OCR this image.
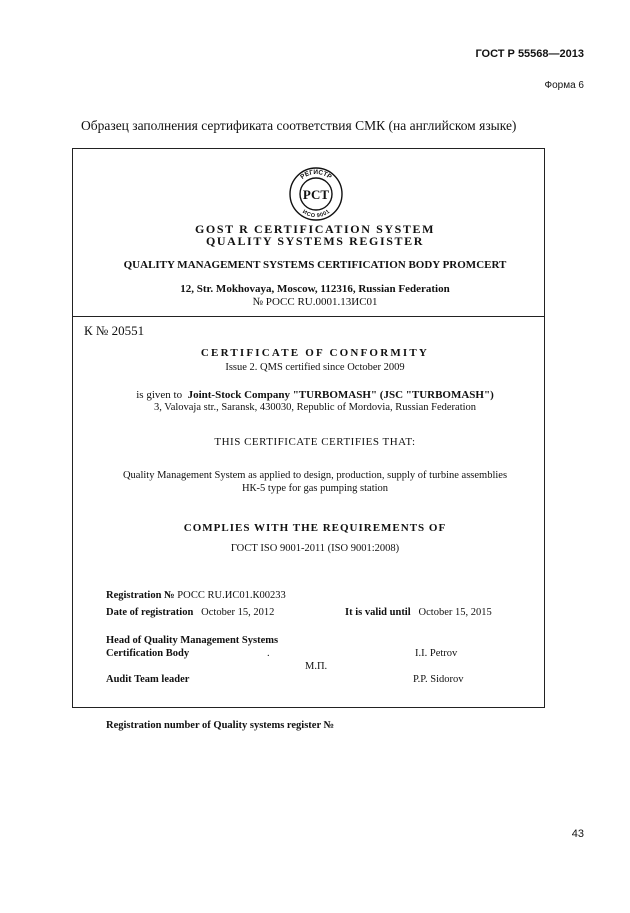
ГОСТ Р 55568—2013
Форма 6
Образец заполнения сертификата соответствия СМК (на английском языке)
РЕГИСТР
ИСО 9001
РСТ
GOST R CERTIFICATION SYSTEM
QUALITY SYSTEMS REGISTER
QUALITY MANAGEMENT SYSTEMS CERTIFICATION BODY PROMCERT
12, Str. Mokhovaya, Moscow, 112316, Russian Federation
№ РОСС RU.0001.13ИС01
К № 20551
CERTIFICATE OF CONFORMITY
Issue 2. QMS certified since October 2009
is given to Joint-Stock Company "TURBOMASH" (JSC "TURBOMASH")
3, Valovaja str., Saransk, 430030, Republic of Mordovia, Russian Federation
THIS CERTIFICATE CERTIFIES THAT:
Quality Management System as applied to design, production, supply of turbine assemblies
НК-5 type for gas pumping station
COMPLIES WITH THE REQUIREMENTS OF
ГОСТ ISO 9001-2011 (ISO 9001:2008)
Registration № РОСС RU.ИС01.К00233
Date of registration October 15, 2012	It is valid until October 15, 2015
Head of Quality Management Systems
Certification Body	.	I.I. Petrov
М.П.
Audit Team leader	P.P. Sidorov
Registration number of Quality systems register №
43
